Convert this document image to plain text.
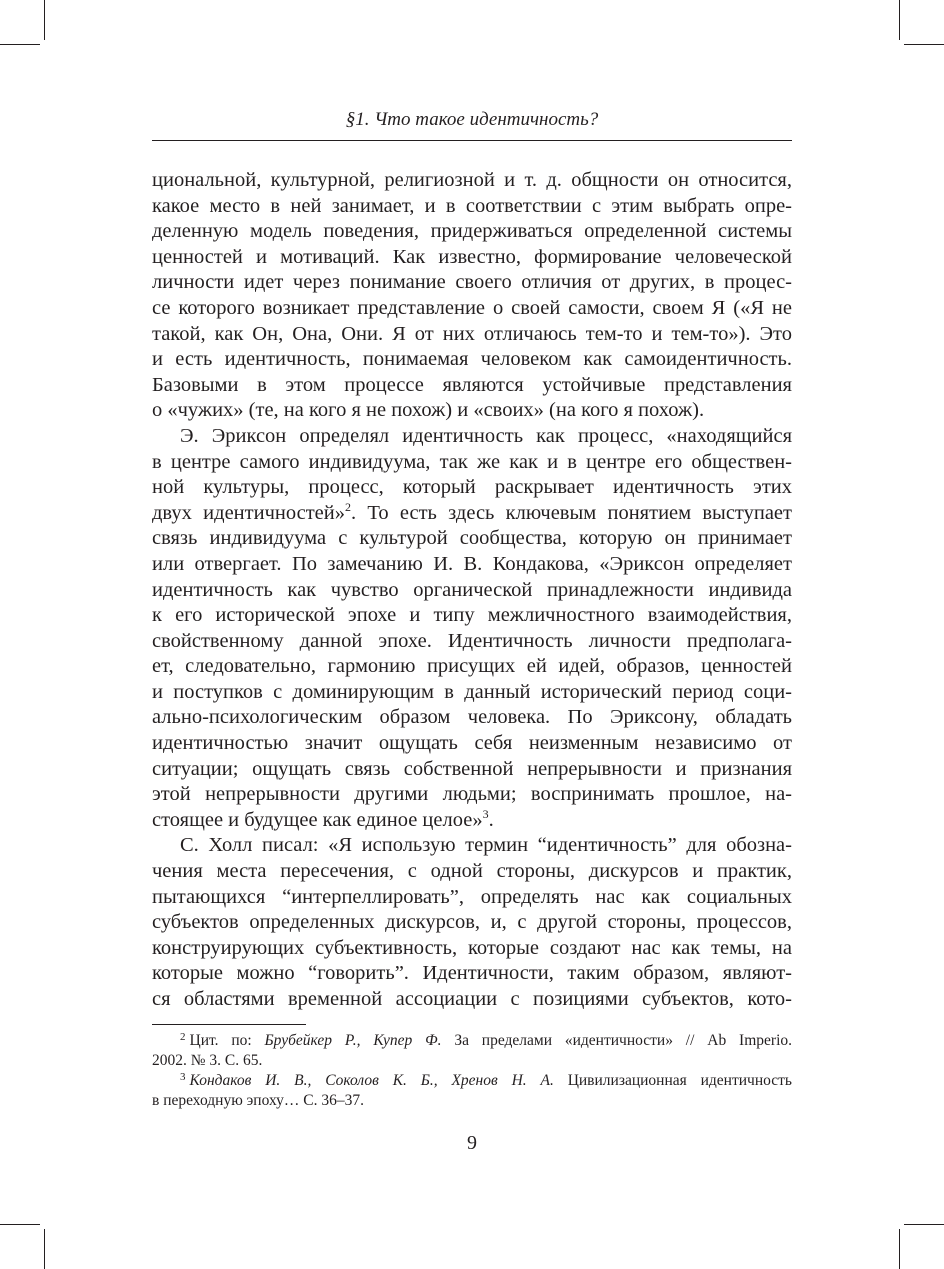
§1. Что такое идентичность?
циональной, культурной, религиозной и т. д. общности он относится,
какое место в ней занимает, и в соответствии с этим выбрать опре-
деленную модель поведения, придерживаться определенной системы
ценностей и мотиваций. Как известно, формирование человеческой
личности идет через понимание своего отличия от других, в процес-
се которого возникает представление о своей самости, своем Я («Я не
такой, как Он, Она, Они. Я от них отличаюсь тем-то и тем-то»). Это
и есть идентичность, понимаемая человеком как самоидентичность.
Базовыми в этом процессе являются устойчивые представления
о «чужих» (те, на кого я не похож) и «своих» (на кого я похож).
Э. Эриксон определял идентичность как процесс, «находящийся
в центре самого индивидуума, так же как и в центре его обществен-
ной культуры, процесс, который раскрывает идентичность этих
двух идентичностей»$^2$. То есть здесь ключевым понятием выступает
связь индивидуума с культурой сообщества, которую он принимает
или отвергает. По замечанию И. В. Кондакова, «Эриксон определяет
идентичность как чувство органической принадлежности индивида
к его исторической эпохе и типу межличностного взаимодействия,
свойственному данной эпохе. Идентичность личности предполага-
ет, следовательно, гармонию присущих ей идей, образов, ценностей
и поступков с доминирующим в данный исторический период соци-
ально-психологическим образом человека. По Эриксону, обладать
идентичностью значит ощущать себя неизменным независимо от
ситуации; ощущать связь собственной непрерывности и признания
этой непрерывности другими людьми; воспринимать прошлое, на-
стоящее и будущее как единое целое»$^3$.
С. Холл писал: «Я использую термин “идентичность” для обозна-
чения места пересечения, с одной стороны, дискурсов и практик,
пытающихся “интерпеллировать”, определять нас как социальных
субъектов определенных дискурсов, и, с другой стороны, процессов,
конструирующих субъективность, которые создают нас как темы, на
которые можно “говорить”. Идентичности, таким образом, являют-
ся областями временной ассоциации с позициями субъектов, кото-
$^2$ Цит. по: Брубейкер Р., Купер Ф. За пределами «идентичности» // Ab Imperio.
2002. № 3. С. 65.
$^3$ Кондаков И. В., Соколов К. Б., Хренов Н. А. Цивилизационная идентичность
в переходную эпоху… С. 36–37.
9
